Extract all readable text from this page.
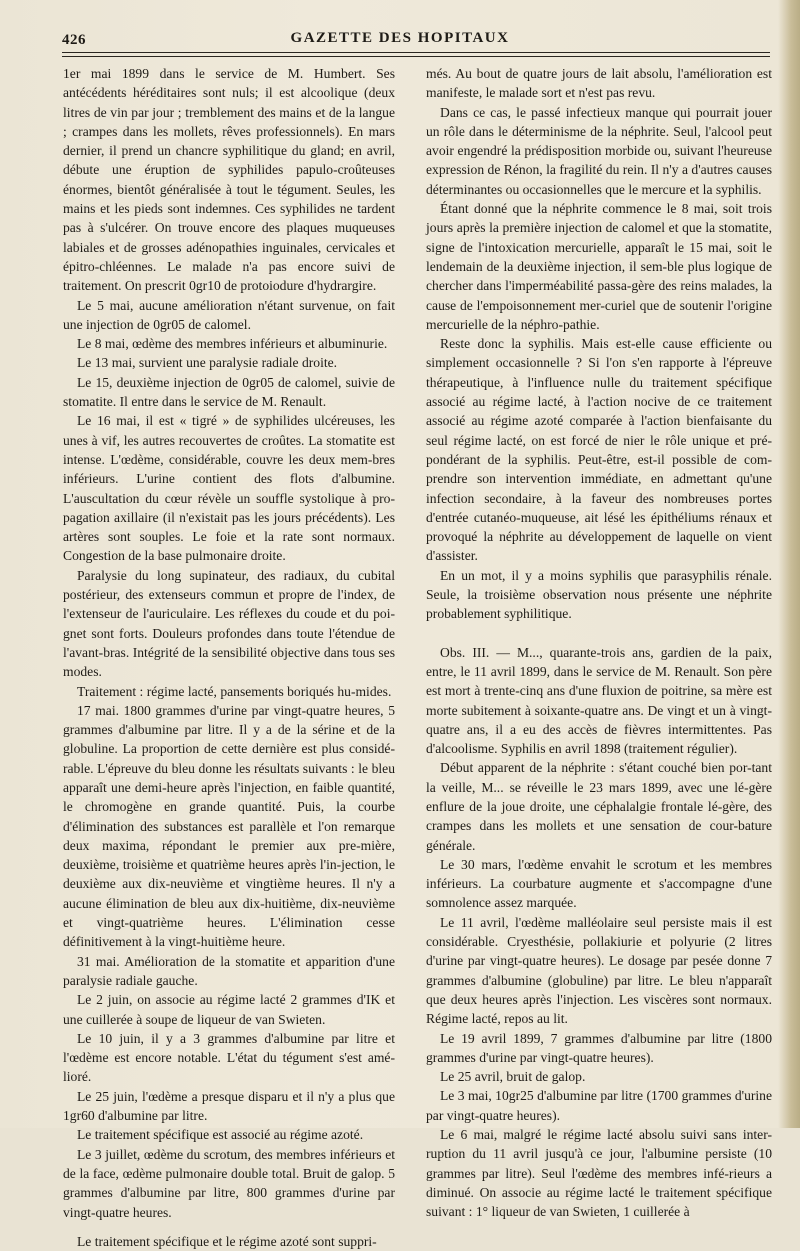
426	GAZETTE DES HOPITAUX

1er mai 1899 dans le service de M. Humbert. Ses antécédents héréditaires sont nuls; il est alcoolique (deux litres de vin par jour ; tremblement des mains et de la langue ; crampes dans les mollets, rêves professionnels). En mars dernier, il prend un chancre syphilitique du gland; en avril, débute une éruption de syphilides papulo-croûteuses énormes, bientôt généralisée à tout le tégument. Seules, les mains et les pieds sont indemnes. Ces syphilides ne tardent pas à s'ulcérer. On trouve encore des plaques muqueuses labiales et de grosses adénopathies inguinales, cervicales et épitro-chléennes. Le malade n'a pas encore suivi de traitement. On prescrit 0gr10 de protoiodure d'hydrargire.

Le 5 mai, aucune amélioration n'étant survenue, on fait une injection de 0gr05 de calomel.

Le 8 mai, œdème des membres inférieurs et albuminurie.

Le 13 mai, survient une paralysie radiale droite.

Le 15, deuxième injection de 0gr05 de calomel, suivie de stomatite. Il entre dans le service de M. Renault.

Le 16 mai, il est « tigré » de syphilides ulcéreuses, les unes à vif, les autres recouvertes de croûtes. La stomatite est intense. L'œdème, considérable, couvre les deux mem-bres inférieurs. L'urine contient des flots d'albumine. L'auscultation du cœur révèle un souffle systolique à pro-pagation axillaire (il n'existait pas les jours précédents). Les artères sont souples. Le foie et la rate sont normaux. Congestion de la base pulmonaire droite.

Paralysie du long supinateur, des radiaux, du cubital postérieur, des extenseurs commun et propre de l'index, de l'extenseur de l'auriculaire. Les réflexes du coude et du poi-gnet sont forts. Douleurs profondes dans toute l'étendue de l'avant-bras. Intégrité de la sensibilité objective dans tous ses modes.

Traitement : régime lacté, pansements boriqués hu-mides.

17 mai. 1800 grammes d'urine par vingt-quatre heures, 5 grammes d'albumine par litre. Il y a de la sérine et de la globuline. La proportion de cette dernière est plus considé-rable. L'épreuve du bleu donne les résultats suivants : le bleu apparaît une demi-heure après l'injection, en faible quantité, le chromogène en grande quantité. Puis, la courbe d'élimination des substances est parallèle et l'on remarque deux maxima, répondant le premier aux pre-mière, deuxième, troisième et quatrième heures après l'in-jection, le deuxième aux dix-neuvième et vingtième heures. Il n'y a aucune élimination de bleu aux dix-huitième, dix-neuvième et vingt-quatrième heures. L'élimination cesse définitivement à la vingt-huitième heure.

31 mai. Amélioration de la stomatite et apparition d'une paralysie radiale gauche.

Le 2 juin, on associe au régime lacté 2 grammes d'IK et une cuillerée à soupe de liqueur de van Swieten.

Le 10 juin, il y a 3 grammes d'albumine par litre et l'œdème est encore notable. L'état du tégument s'est amé-lioré.

Le 25 juin, l'œdème a presque disparu et il n'y a plus que 1gr60 d'albumine par litre.

Le traitement spécifique est associé au régime azoté.

Le 3 juillet, œdème du scrotum, des membres inférieurs et de la face, œdème pulmonaire double total. Bruit de galop. 5 grammes d'albumine par litre, 800 grammes d'urine par vingt-quatre heures.

Le traitement spécifique et le régime azoté sont suppri-

més. Au bout de quatre jours de lait absolu, l'amélioration est manifeste, le malade sort et n'est pas revu.

Dans ce cas, le passé infectieux manque qui pourrait jouer un rôle dans le déterminisme de la néphrite. Seul, l'alcool peut avoir engendré la prédisposition morbide ou, suivant l'heureuse expression de Rénon, la fragilité du rein. Il n'y a d'autres causes déterminantes ou occasionnelles que le mercure et la syphilis.

Étant donné que la néphrite commence le 8 mai, soit trois jours après la première injection de calomel et que la stomatite, signe de l'intoxication mercurielle, apparaît le 15 mai, soit le lendemain de la deuxième injection, il sem-ble plus logique de chercher dans l'imperméabilité passa-gère des reins malades, la cause de l'empoisonnement mer-curiel que de soutenir l'origine mercurielle de la néphro-pathie.

Reste donc la syphilis. Mais est-elle cause efficiente ou simplement occasionnelle ? Si l'on s'en rapporte à l'épreuve thérapeutique, à l'influence nulle du traitement spécifique associé au régime lacté, à l'action nocive de ce traitement associé au régime azoté comparée à l'action bienfaisante du seul régime lacté, on est forcé de nier le rôle unique et pré-pondérant de la syphilis. Peut-être, est-il possible de com-prendre son intervention immédiate, en admettant qu'une infection secondaire, à la faveur des nombreuses portes d'entrée cutanéo-muqueuse, ait lésé les épithéliums rénaux et provoqué la néphrite au développement de laquelle on vient d'assister.

En un mot, il y a moins syphilis que parasyphilis rénale. Seule, la troisième observation nous présente une néphrite probablement syphilitique.

Obs. III. — M..., quarante-trois ans, gardien de la paix, entre, le 11 avril 1899, dans le service de M. Renault. Son père est mort à trente-cinq ans d'une fluxion de poitrine, sa mère est morte subitement à soixante-quatre ans. De vingt et un à vingt-quatre ans, il a eu des accès de fièvres intermittentes. Pas d'alcoolisme. Syphilis en avril 1898 (traitement régulier).

Début apparent de la néphrite : s'étant couché bien por-tant la veille, M... se réveille le 23 mars 1899, avec une lé-gère enflure de la joue droite, une céphalalgie frontale lé-gère, des crampes dans les mollets et une sensation de cour-bature générale.

Le 30 mars, l'œdème envahit le scrotum et les membres inférieurs. La courbature augmente et s'accompagne d'une somnolence assez marquée.

Le 11 avril, l'œdème malléolaire seul persiste mais il est considérable. Cryesthésie, pollakiurie et polyurie (2 litres d'urine par vingt-quatre heures). Le dosage par pesée donne 7 grammes d'albumine (globuline) par litre. Le bleu n'apparaît que deux heures après l'injection. Les viscères sont normaux. Régime lacté, repos au lit.

Le 19 avril 1899, 7 grammes d'albumine par litre (1800 grammes d'urine par vingt-quatre heures).

Le 25 avril, bruit de galop.

Le 3 mai, 10gr25 d'albumine par litre (1700 grammes d'urine par vingt-quatre heures).

Le 6 mai, malgré le régime lacté absolu suivi sans inter-ruption du 11 avril jusqu'à ce jour, l'albumine persiste (10 grammes par litre). Seul l'œdème des membres infé-rieurs a diminué. On associe au régime lacté le traitement spécifique suivant : 1° liqueur de van Swieten, 1 cuillerée à
